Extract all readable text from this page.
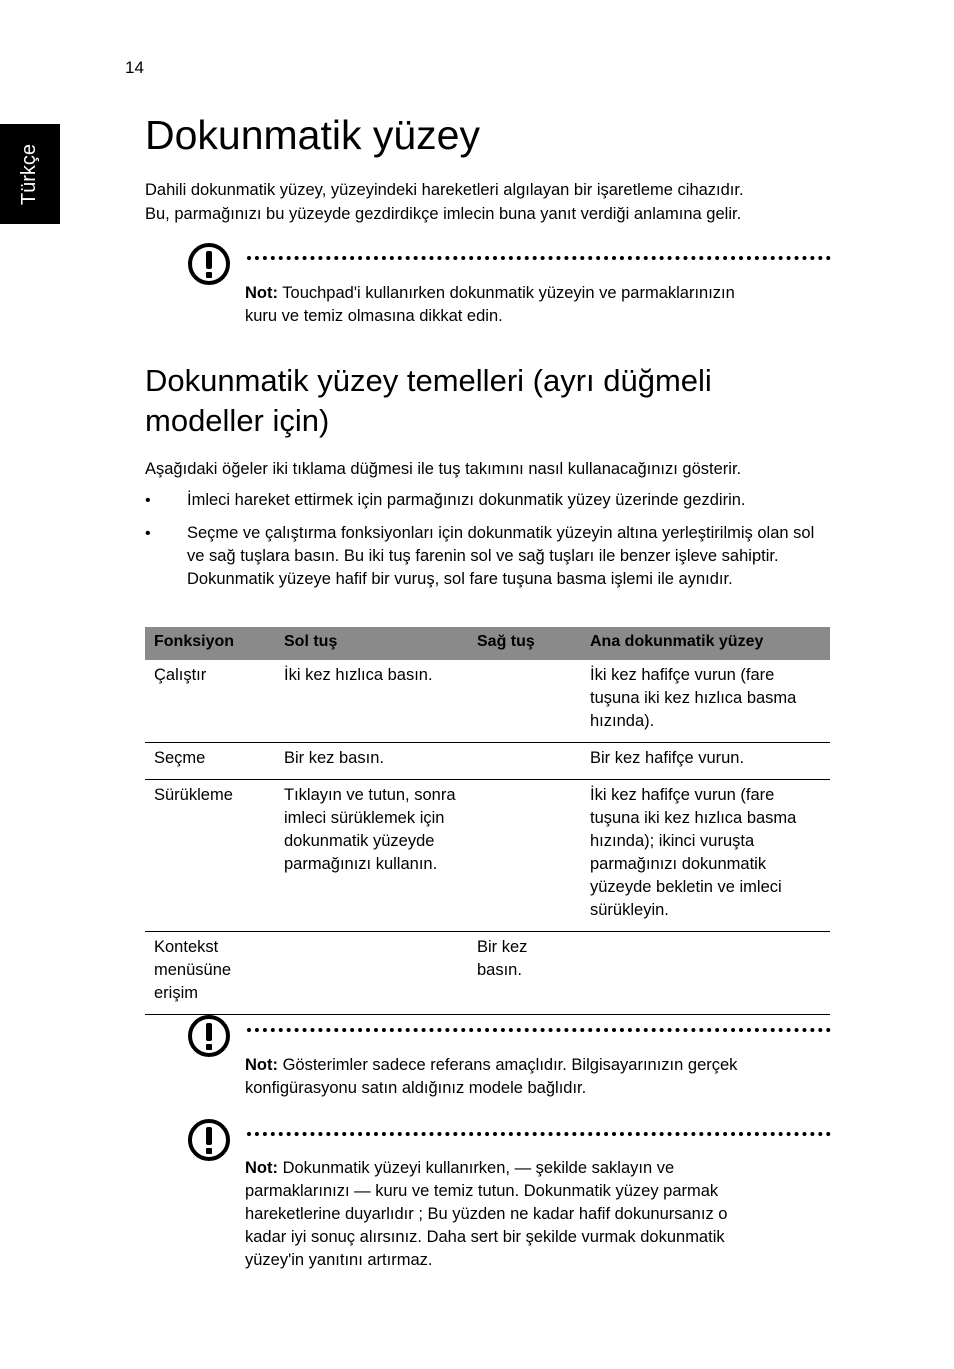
14
Türkçe
Dokunmatik yüzey
Dahili dokunmatik yüzey, yüzeyindeki hareketleri algılayan bir işaretleme cihazıdır.
Bu, parmağınızı bu yüzeyde gezdirdikçe imlecin buna yanıt verdiği anlamına gelir.
Not: Touchpad'i kullanırken dokunmatik yüzeyin ve parmaklarınızın
kuru ve temiz olmasına dikkat edin.
Dokunmatik yüzey temelleri (ayrı düğmeli
modeller için)
Aşağıdaki öğeler iki tıklama düğmesi ile tuş takımını nasıl kullanacağınızı gösterir.
• İmleci hareket ettirmek için parmağınızı dokunmatik yüzey üzerinde gezdirin.
• Seçme ve çalıştırma fonksiyonları için dokunmatik yüzeyin altına yerleştirilmiş olan sol ve sağ tuşlara basın. Bu iki tuş farenin sol ve sağ tuşları ile benzer işleve sahiptir. Dokunmatik yüzeye hafif bir vuruş, sol fare tuşuna basma işlemi ile aynıdır.
Fonksiyon	Sol tuş	Sağ tuş	Ana dokunmatik yüzey
Çalıştır	İki kez hızlıca basın.		İki kez hafifçe vurun (fare tuşuna iki kez hızlıca basma hızında).
Seçme	Bir kez basın.		Bir kez hafifçe vurun.
Sürükleme	Tıklayın ve tutun, sonra imleci sürüklemek için dokunmatik yüzeyde parmağınızı kullanın.		İki kez hafifçe vurun (fare tuşuna iki kez hızlıca basma hızında); ikinci vuruşta parmağınızı dokunmatik yüzeyde bekletin ve imleci sürükleyin.
Kontekst menüsüne erişim		Bir kez basın.	
Not: Gösterimler sadece referans amaçlıdır. Bilgisayarınızın gerçek
konfigürasyonu satın aldığınız modele bağlıdır.
Not: Dokunmatik yüzeyi kullanırken, — şekilde saklayın ve
parmaklarınızı — kuru ve temiz tutun. Dokunmatik yüzey parmak
hareketlerine duyarlıdır ; Bu yüzden ne kadar hafif dokunursanız o
kadar iyi sonuç alırsınız. Daha sert bir şekilde vurmak dokunmatik
yüzey'in yanıtını artırmaz.
